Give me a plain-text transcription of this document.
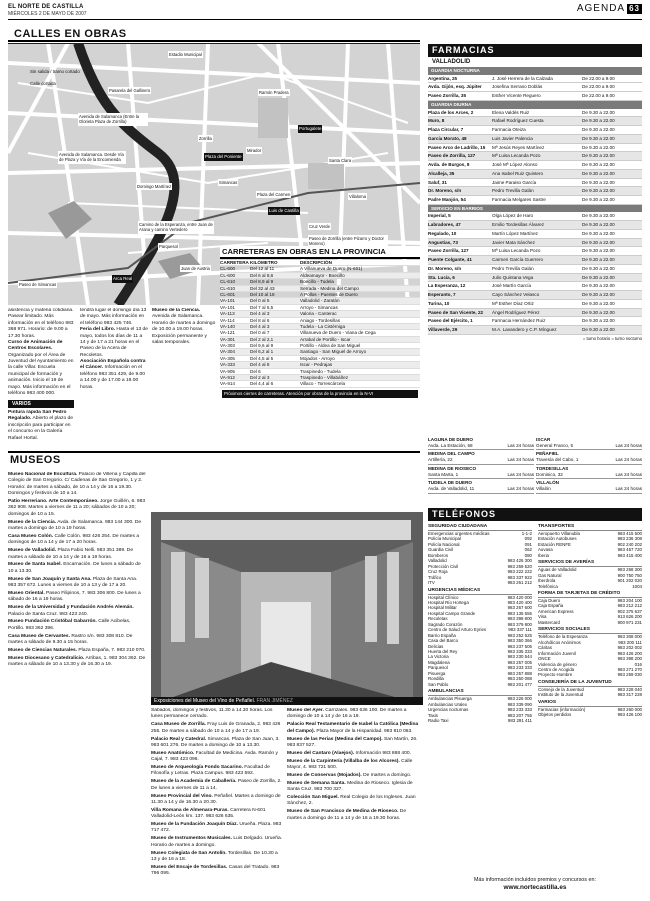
EL NORTE DE CASTILLA
MIÉRCOLES 2 DE MAYO DE 2007	AGENDA 63
CALLES EN OBRAS
Sin salida / tramo cortado
Calle cortada
Avenida de Salamanca (Entre la Glorieta Plaza de Zorrilla)
Estadio Municipal
Pasarela del Gallinero	Ramón Pradera
Avenida de Salamanca. Desde Vía de Plaza y Vía de la Encomienda
Zorrilla
Plaza del Poniente
Mirador
Portugalete
Santa Clara
Domingo Martínez
Villaloma
Camino de la Esperanza, entre Juan de Arana y camino Vertedero
Juan de Austria
Simancas
Plaza del Carmen
Cruz Verde
Paseo de Zorrilla (entre Pizarro y Doctor Moreno)
Luis de Castilla
Parquesol
Paseo de Simancas
Arca Real
CARRETERAS EN OBRAS EN LA PROVINCIA
CARRETERA KILÓMETRO	DESCRIPCIÓN
CL-600	Del 12 al 11	A Villanueva de Duero (N-601)
CL-600	Del 6 al 8,6	Aldeamayor - Boecillo
CL-610	Del 8,9 al 9	Boecillo - Tudela
CL-610	Del 32 al 43	Serrada - Medina del Campo
CL-601	Del 10 al 18	A Pollos - Puentes de Duero
VA-101	Del 0 al 5	Valladolid - Zaratán
VA-101	Del 7 al 5,5	Arroyo - Simancas
VA-113	Del 4 al 3	Valoria - Canterac
VA-114	Del 8 al 6	Aniago - Tordesillas
VA-140	Del 4 al 3	Tudela - La Cistérniga
VA-121	Del 0 al 7	Villanueva de Duero - Viana de Cega
VA-301	Del 2 al 2,1	Arrabal de Portillo - Iscar
VA-303	Del 9,6 al 9	Portillo - Aldea de San Miguel
VA-304	Del 6,2 al 1	Santiago - San Miguel de Arroyo
VA-305	Del 4,5 al 5	Mojados - Arroyo
VA-333	Del 4 al 8	Iscar - Pedrajas
VA-905	Del 6	Traspinedo - Tudela
VA-912	Del 2 al 3	Traspinedo - Villabáñez
VA-914	Del 4,4 al 6	Villaco - Torrescárcela
Próximos cierres de carreteras. Atención por obras de la provincia en la N-VI
asistencia y materia cotidiana. Pasear limitado. Más información en el teléfono 983 368 971. Horario: de 9.00 a 17.30 horas.
Curso de Animación de Centros Escolares. Organizado por el Área de Juventud del Ayuntamiento en la calle Villar. Escuela municipal de formación y animación. Inicio el 19 de mayo. Más información en el teléfono 983 400 000.
VARIOS
Pintura rápida San Pedro Regalado. Abierto el plazo de inscripción para participar en el concurso en la Galería Rafael Hortal.
tendrá lugar el domingo día 13 de mayo. Más información en el teléfono 983 425 746.
Feria del Libro. Hasta el 13 de mayo, todos los días de 11 a 14 y de 17 a 21 horas en el Paseo de la Acera de Recoletos.
Asociación Española contra el Cáncer. Información en el teléfono 983 351 429, de 9.00 a 14.00 y de 17.00 a 19.00 horas.
Museo de la Ciencia. Avenida de Salamanca. Horario de martes a domingo de 10.00 a 19.00 horas. Exposición permanente y salas temporales.
MUSEOS
Museo Nacional de Escultura. Palacio de Villena y Capilla del Colegio de San Gregorio. C/ Cadenas de San Gregorio, 1 y 2. Horario: de martes a sábado, de 10 a 14 y de 16 a 19.30. Domingos y festivos de 10 a 14.
Patio Herreriano. Arte Contemporáneo. Jorge Guillén, 6. 983 362 908. Martes a viernes de 11 a 20; sábados de 10 a 20; domingos de 10 a 15.
Museo de la Ciencia. Avda. de Salamanca. 983 144 300. De martes a domingo de 10 a 19 horas.
Casa Museo Colón. Calle Colón. 983 426 254. De martes a domingos de 10 a 14 y de 17 a 20 horas.
Museo de Valladolid. Plaza Fabio Nelli. 983 351 389. De martes a sábado de 10 a 14 y de 16 a 19 horas.
Museo de Santa Isabel. Encarnación. De lunes a sábado de 10 a 13.30.
Museo de San Joaquín y Santa Ana. Plaza de Santa Ana. 983 357 672. Lunes a viernes de 10 a 13 y de 17 a 20.
Museo Oriental. Paseo Filipinos, 7. 983 306 800. De lunes a sábado de 16 a 19 horas.
Museo de la Universidad y Fundación Andrés Alemán. Palacio de Santa Cruz. 983 423 240.
Museo Fundación Cristóbal Gabarrón. Calle Acibelas, Portillo. 983 362 396.
Casa Museo de Cervantes. Rastro s/n. 983 308 810. De martes a sábado de 9.30 a 15 horas.
Museo de Ciencias Naturales. Plaza España, 7. 983 210 070.
Museo Diocesano y Catedralicio. Arribas, 1. 983 304 362. De martes a sábado de 10 a 13.30 y de 16.30 a 19.
Exposiciones del Museo del Vino de Peñafiel. FRAN JIMÉNEZ
Sábados, domingos y festivos, 11.30 a 14.30 horas. Los lunes permanece cerrado.
Casa Museo de Zorrilla. Fray Luis de Granada, 2. 983 426 255. De martes a sábado de 10 a 14 y de 17 a 19.
Palacio Real y Catedral. Simancas. Plaza de San Juan, 3. 983 601 276. De martes a domingo de 10 a 13.30.
Museo Anatómico. Facultad de Medicina. Avda. Ramón y Cajal, 7. 983 423 096.
Museo de Arqueología Fondo Sacarino. Facultad de Filosofía y Letras. Plaza Campus. 983 423 592.
Museo de la Academia de Caballería. Paseo de Zorrilla, 2. De lunes a viernes de 11 a 14.
Museo Provincial del Vino. Peñafiel. Martes a domingo de 11.30 a 14 y de 16.30 a 20.30.
Villa Romana de Almenara-Puras. Carretera N-601 Valladolid-León km. 137. 983 626 635.
Museo de la Fundación Joaquín Díaz. Urueña. Plaza. 983 717 472.
Museo de Instrumentos Musicales. Luis Delgado. Urueña. Horario de martes a domingo.
Museo Colegiata de San Antolín. Tordesillas. De 10.30 a 13 y de 16 a 18.
Museo del Encaje de Tordesillas. Casas del Tratado. 983 796 095.
Museo del Ayer. Carrizales. 983 636 100. De martes a domingo de 10 a 14 y de 16 a 19.
Palacio Real Testamentario de Isabel la Católica (Medina del Campo). Plaza Mayor de la Hispanidad. 983 810 063.
Museo de las Ferias (Medina del Campo). San Martín, 26. 983 837 527.
Museo del Cantaro (Alaejos). Información 983 868 400.
Museo de la Carpintería (Villalba de los Alcores). Calle Mayor, 4. 983 721 500.
Museo de Conservas (Mojados). De martes a domingo.
Museo de Semana Santa. Medina de Rioseco. Iglesia de Santa Cruz. 983 700 327.
Colección San Miguel. Real Colegio de los Ingleses. Juan Sánchez, 2.
Museo de San Francisco de Medina de Rioseco. De martes a domingo de 11 a 14 y de 16 a 19.30 horas.
FARMACIAS
VALLADOLID
GUARDIA NOCTURNA
Argentina, 25	J. José Herrera de la Calzada	De 22.00 a 9.00
Avda. Gijón, esq. Júpiter	Josefina Serrano Doblás	De 22.00 a 9.00
Paseo Zorrilla, 35	Esther Vicente Reguero	De 22.00 a 9.00
GUARDIA DIURNA
Plaza de los Arces, 2	Elena Valdés Ruiz	De 9.30 a 22.00
Muro, 8	Rafael Rodríguez Cuesta	De 9.30 a 22.00
Plaza Circular, 7	Farmacia Oteiza	De 9.30 a 22.00
García Morato, 48	Luis Javier Palencia	De 9.30 a 22.00
Paseo Arco de Ladrillo, 15	Mª Jesús Reyes Martínez	De 9.30 a 22.00
Paseo de Zorrilla, 127	Mª Luisa Lecanda Pozo	De 9.30 a 22.00
Avda. de Burgos, 8	José Mª López Alonso	De 9.30 a 22.00
Alcalleja, 35	Ana Isabel Ruiz Quintero	De 9.30 a 22.00
Saluf, 31	Jaime Paraiso García	De 9.30 a 22.00
Dr. Moreno, s/n	Pedro Trevilla Galán	De 9.30 a 22.00
Padre Manjón, 54	Farmacia Melgares Sastre	De 9.30 a 22.00
SERVICIO EN BARRIOS
Imperial, 5	Olga López de Haro	De 9.30 a 22.00
Labradores, 47	Emilio Tordesillas Álvarez	De 9.30 a 22.00
Regalado, 10	Martín López Martínez	De 9.30 a 22.00
Angustias, 73	Javier Mata Sánchez	De 9.30 a 22.00
Paseo Zorrilla, 127	Mª Luisa Lecanda Pozo	De 9.30 a 22.00
Puente Colgante, 41	Carmen García Guerrero	De 9.30 a 22.00
Dr. Moreno, s/n	Pedro Trevilla Galán	De 9.30 a 22.00
Sta. Lucía, 6	Julio Quintana Vega	De 9.30 a 22.00
La Esperanza, 12	José Martín García	De 9.30 a 22.00
Esperanto, 7	Cayo Sánchez Velasco	De 9.30 a 22.00
Turina, 10	Mª Esther Díaz Ortiz	De 9.30 a 22.00
Paseo de San Vicente, 22	Ángel Rodríguez Pérez	De 9.30 a 22.00
Paseo del Ejército, 1	Farmacia Hernández Ruiz	De 9.30 a 22.00
Villaverde, 29	M.A. Lavandero y C.P. Mínguez	De 9.30 a 22.00
= turno horario = turno nocturno
LAGUNA DE DUERO
Avda. La Estación, 58	Las 24 horas
MEDINA DEL CAMPO
Artillería, 22	Las 24 horas
MEDINA DE RIOSECO
Santa Marta, 1	Las 24 horas
TUDELA DE DUERO
Avda. de Valladolid, 11	Las 24 horas
ISCAR
General Franco, 5	Las 24 horas
PEÑAFIEL
Travesía del Cabo, 1	Las 24 horas
TORDESILLAS
Dominico, 32	Las 24 horas
VILLALÓN
Villalón	Las 24 horas
TELÉFONOS
SEGURIDAD CIUDADANA
Emergencias urgentes médicas	1-1-2
Policía Municipal	092
Policía Nacional	091
Guardia Civil	062
Bomberos	080
Valladolid	983 426 300
Protección Civil	983 259 520
Cruz Roja	983 222 222
Tráfico	983 337 922
ITV	983 261 212
URGENCIAS MÉDICAS
Hospital Clínico	983 420 000
Hospital Río Hortega	983 420 400
Hospital Militar	983 267 600
Hospital Campo Grande	983 135 555
Recoletas	983 398 800
Sagrado Corazón	983 379 800
Centro de Salud Arturo Eyries	983 337 111
Barrio España	983 252 625
Casa del Barco	983 350 366
Delicias	983 237 505
Huerta del Rey	983 335 333
La Victoria	983 230 544
Magdalena	983 257 005
Parquesol	983 233 333
Pisuerga	983 257 888
Rondilla	983 250 088
San Pablo	983 201 477
AMBULANCIAS
Ambulancias Pisuerga	983 226 000
Ambulancias Uralex	983 339 090
Urgencias nocturnas	983 233 333
Taxis	983 207 755
Radio Taxi	983 291 411
TRANSPORTES
Aeropuerto Villanubla	983 415 500
Estación Autobuses	983 236 308
Estación RENFE	902 240 202
Auvasa	983 457 720
Iberia	983 415 400
SERVICIOS DE AVERÍAS
Aguas de Valladolid	983 268 300
Gas Natural	900 750 750
Iberdrola	901 202 020
Telefónica	1004
FORMA DE TARJETAS DE CRÉDITO
Caja Duero	983 204 100
Caja España	983 212 212
American Express	902 375 637
Visa	913 626 200
Mastercard	900 971 231
SERVICIOS SOCIALES
Teléfono de la Esperanza	983 308 000
Alcohólicos Anónimos	983 200 111
Cáritas	983 202 002
Información Juvenil	983 426 200
ONCE	983 398 200
Violencia de género	016
Centro de Acogida	983 271 270
Proyecto Hombre	983 259 030
CONSEJERÍA DE LA JUVENTUD
Consejo de la Juventud	983 228 040
Instituto de la Juventud	983 317 228
VARIOS
Farmacias (información)	983 260 000
Objetos perdidos	983 426 100
Más información incluidos premios y concursos en:
www.nortecastilla.es
